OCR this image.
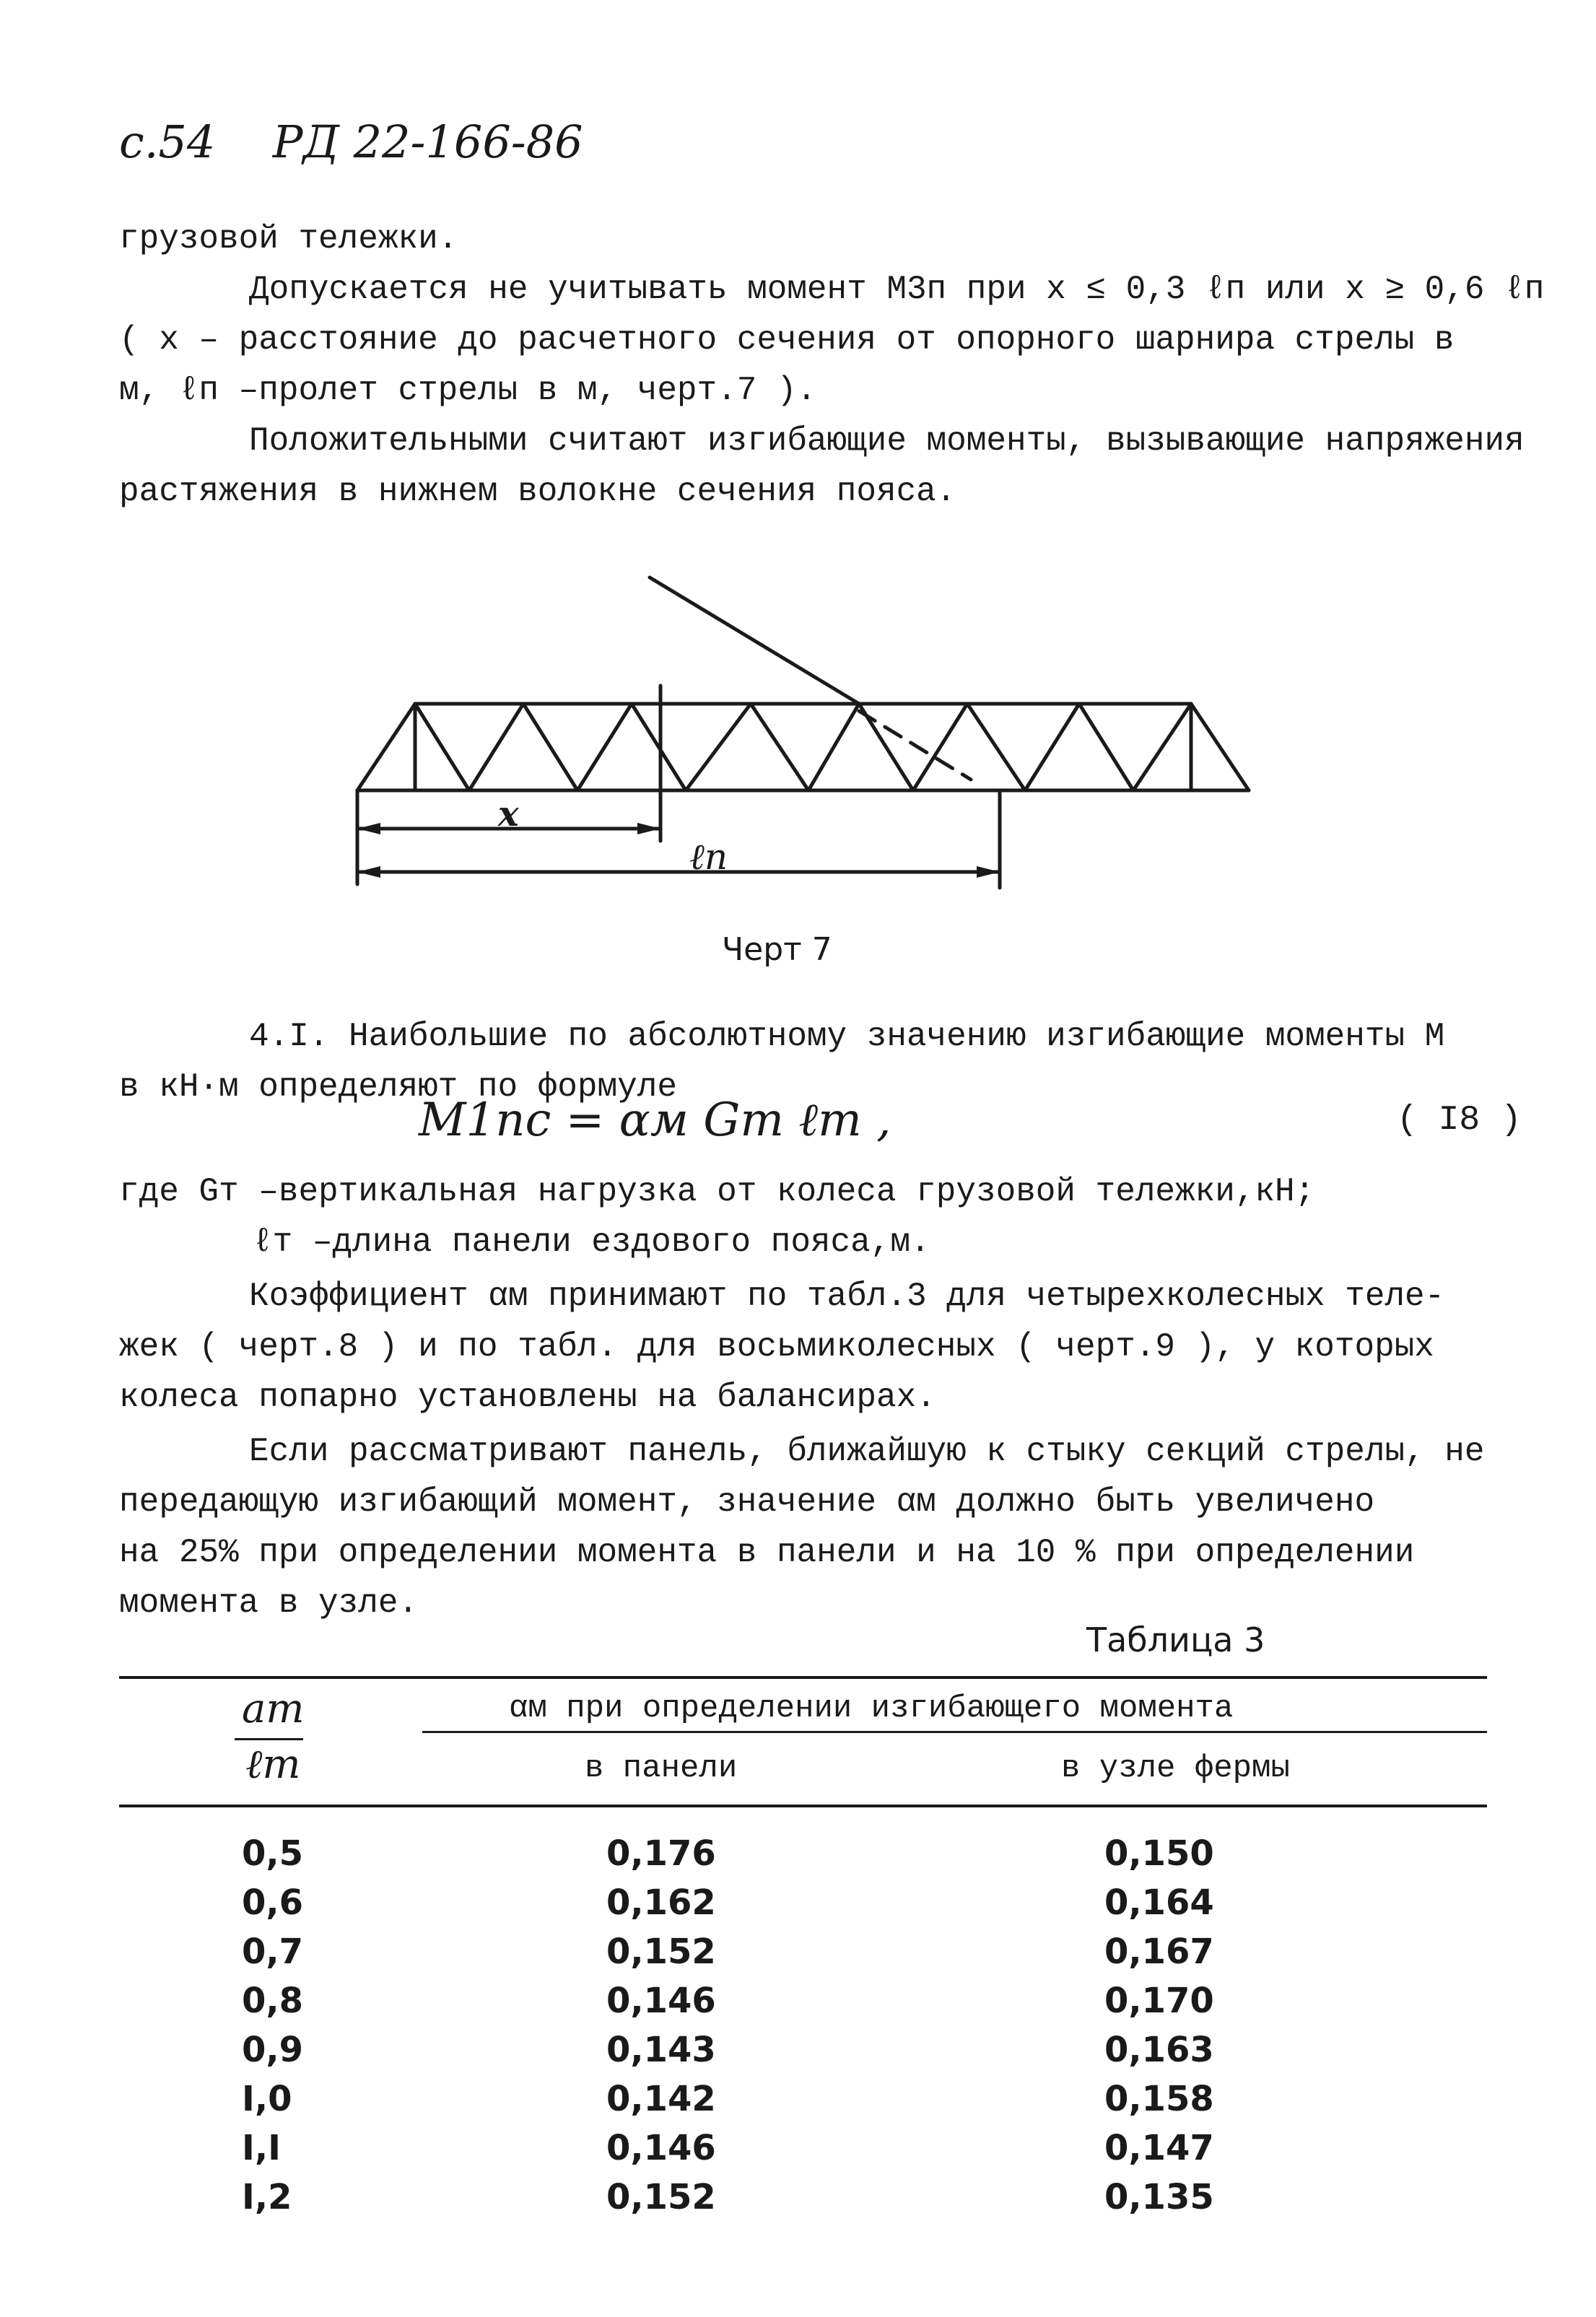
с.54 РД 22-166-86
грузовой тележки.
Допускается не учитывать момент M3п при x ≤ 0,3 ℓп или x ≥ 0,6 ℓп
( x – расстояние до расчетного сечения от опорного шарнира стрелы в
м, ℓп –пролет стрелы в м, черт.7 ).
Положительными считают изгибающие моменты, вызывающие напряжения
растяжения в нижнем волокне сечения пояса.
x
ℓп
Черт 7
4.I. Наибольшие по абсолютному значению изгибающие моменты M
в кН·м определяют по формуле
M1пс = αм Gт ℓт ,	( I8 )
где Gт –вертикальная нагрузка от колеса грузовой тележки,кН;
ℓт –длина панели ездового пояса,м.
Коэффициент αм принимают по табл.3 для четырехколесных теле-
жек ( черт.8 ) и по табл. для восьмиколесных ( черт.9 ), у которых
колеса попарно установлены на балансирах.
Если рассматривают панель, ближайшую к стыку секций стрелы, не
передающую изгибающий момент, значение αм должно быть увеличено
на 25% при определении момента в панели и на 10 % при определении
момента в узле.
Таблица 3
aт
ℓт
αм при определении изгибающего момента
в панели	в узле фермы
0,5	0,176	0,150
0,6	0,162	0,164
0,7	0,152	0,167
0,8	0,146	0,170
0,9	0,143	0,163
I,0	0,142	0,158
I,I	0,146	0,147
I,2	0,152	0,135
